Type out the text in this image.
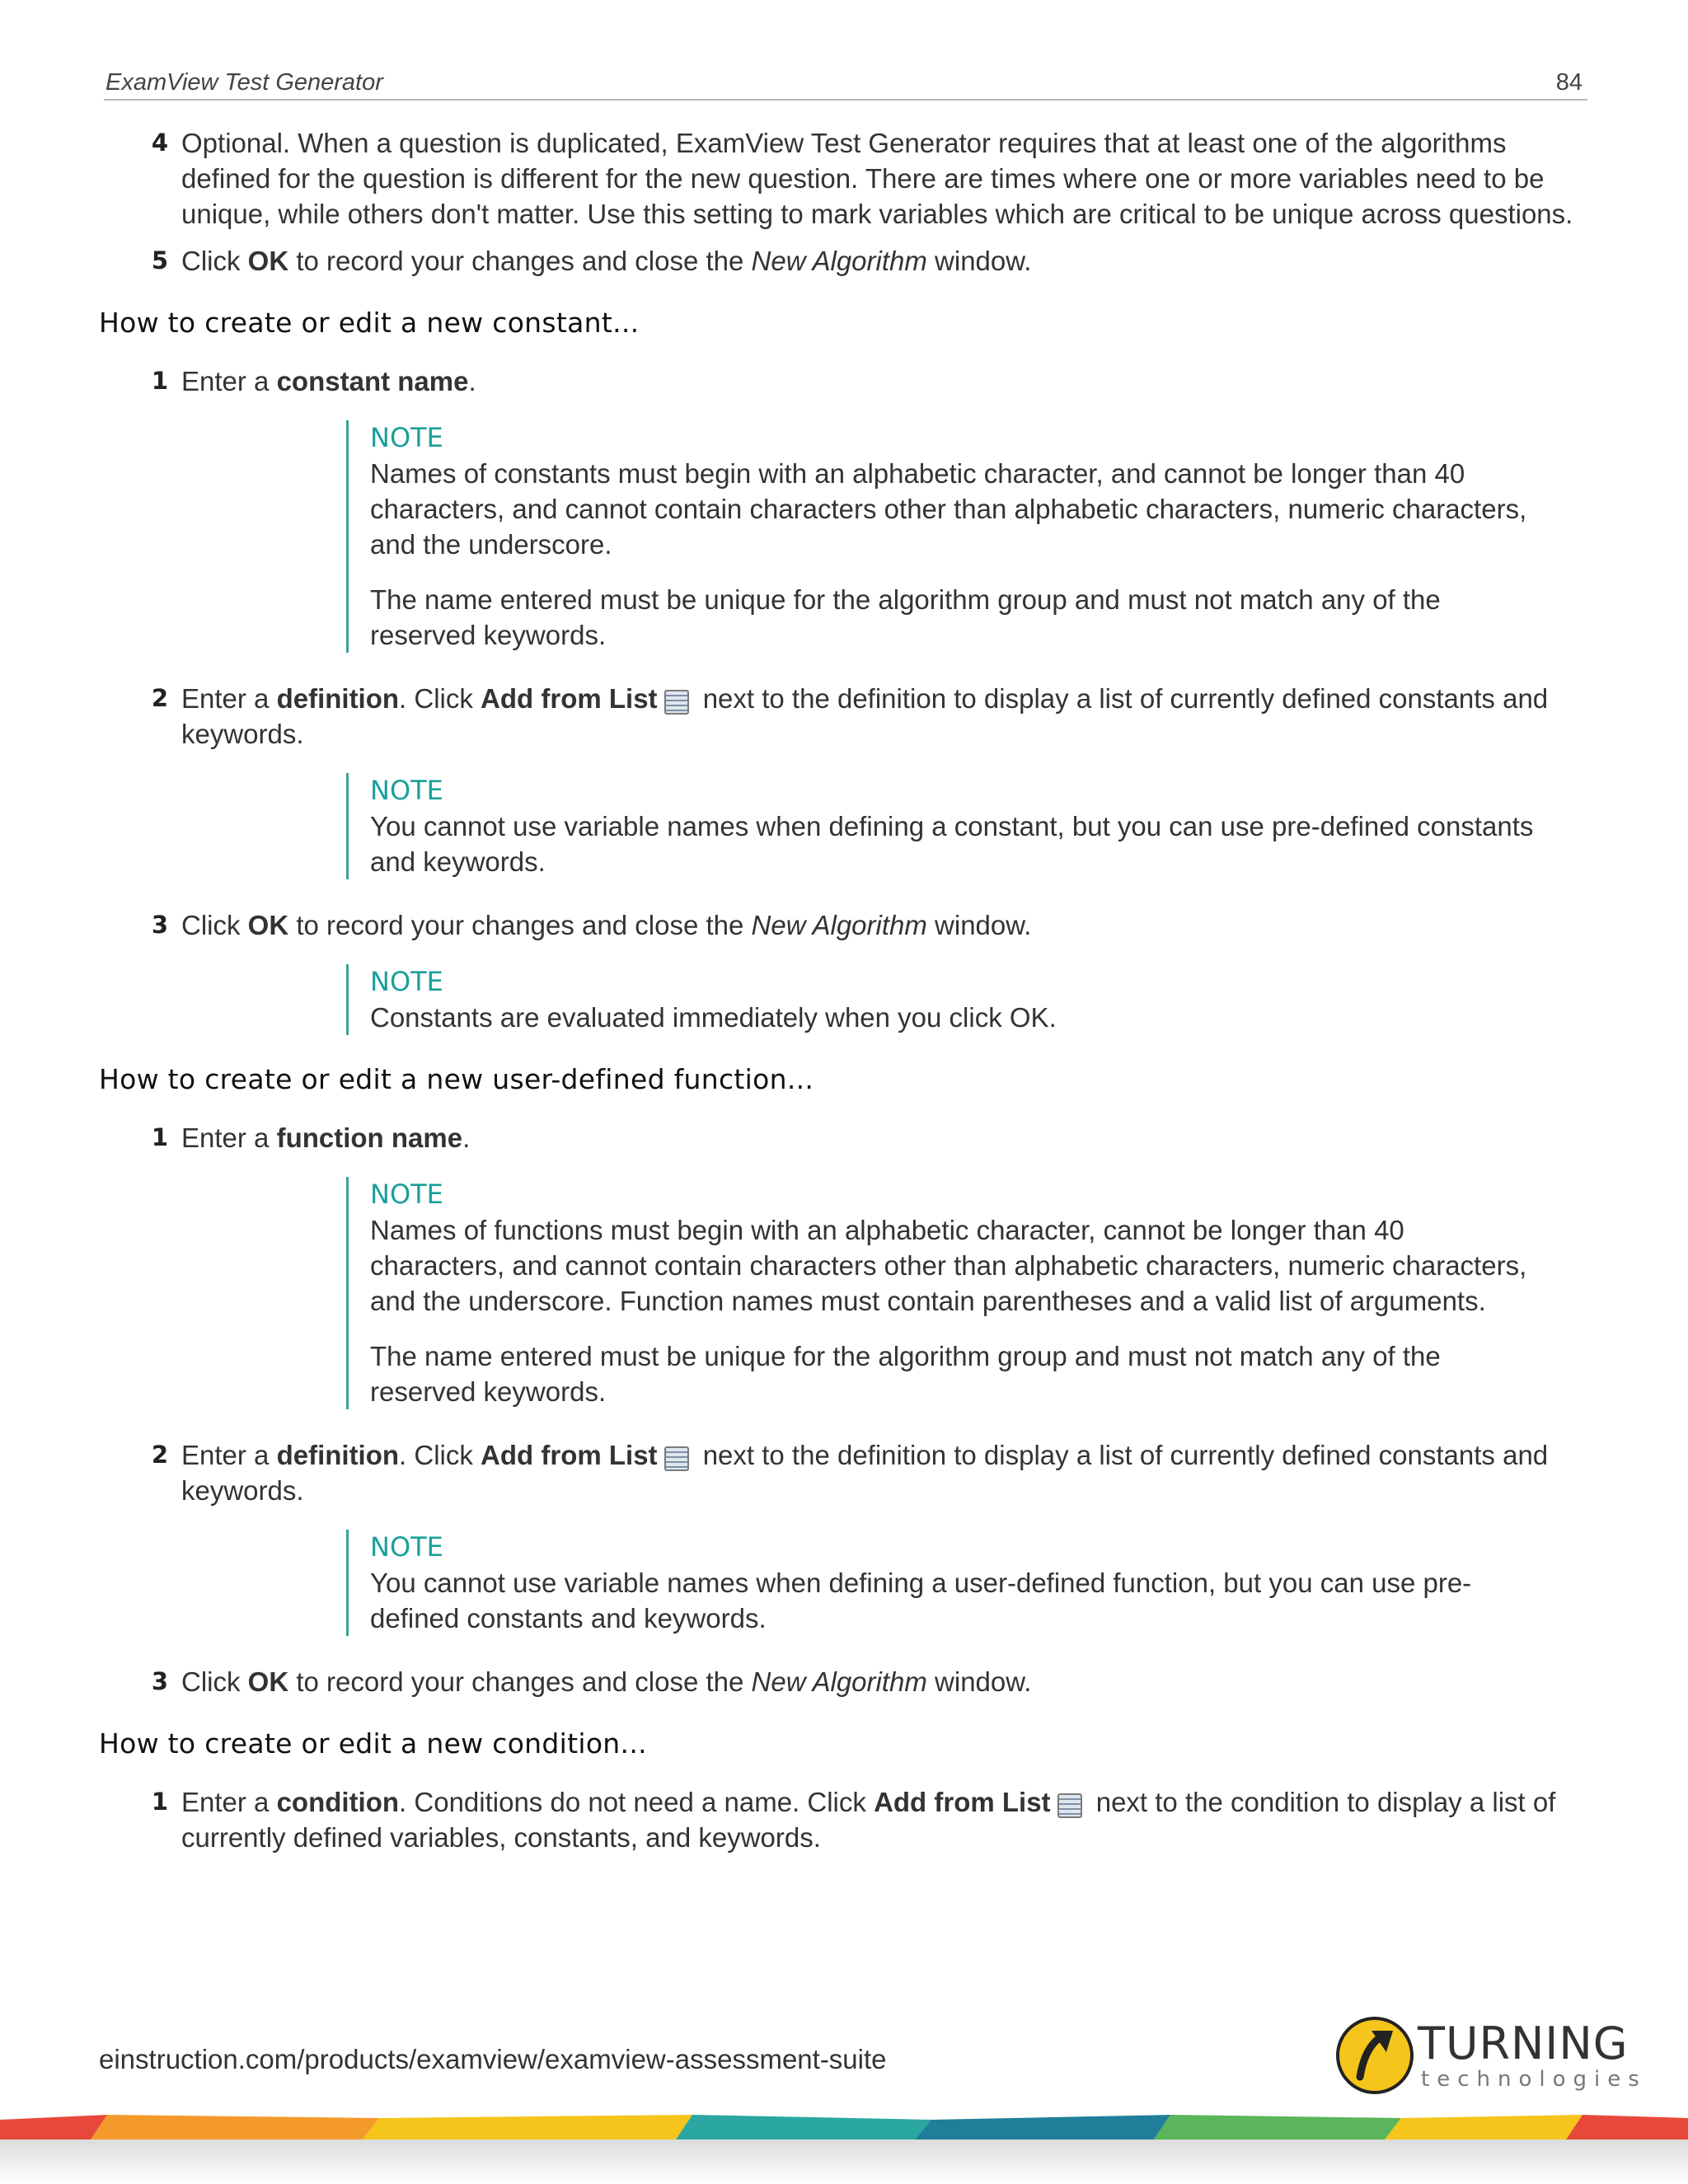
ExamView Test Generator	84
4 Optional. When a question is duplicated, ExamView Test Generator requires that at least one of the algorithms defined for the question is different for the new question. There are times where one or more variables need to be unique, while others don't matter. Use this setting to mark variables which are critical to be unique across questions.
5 Click OK to record your changes and close the New Algorithm window.
How to create or edit a new constant...
1 Enter a constant name.
NOTE
Names of constants must begin with an alphabetic character, and cannot be longer than 40 characters, and cannot contain characters other than alphabetic characters, numeric characters, and the underscore.
The name entered must be unique for the algorithm group and must not match any of the reserved keywords.
2 Enter a definition. Click Add from List next to the definition to display a list of currently defined constants and keywords.
NOTE
You cannot use variable names when defining a constant, but you can use pre-defined constants and keywords.
3 Click OK to record your changes and close the New Algorithm window.
NOTE
Constants are evaluated immediately when you click OK.
How to create or edit a new user-defined function...
1 Enter a function name.
NOTE
Names of functions must begin with an alphabetic character, cannot be longer than 40 characters, and cannot contain characters other than alphabetic characters, numeric characters, and the underscore. Function names must contain parentheses and a valid list of arguments.
The name entered must be unique for the algorithm group and must not match any of the reserved keywords.
2 Enter a definition. Click Add from List next to the definition to display a list of currently defined constants and keywords.
NOTE
You cannot use variable names when defining a user-defined function, but you can use pre-defined constants and keywords.
3 Click OK to record your changes and close the New Algorithm window.
How to create or edit a new condition...
1 Enter a condition. Conditions do not need a name. Click Add from List next to the condition to display a list of currently defined variables, constants, and keywords.
einstruction.com/products/examview/examview-assessment-suite	TURNING
technologies
